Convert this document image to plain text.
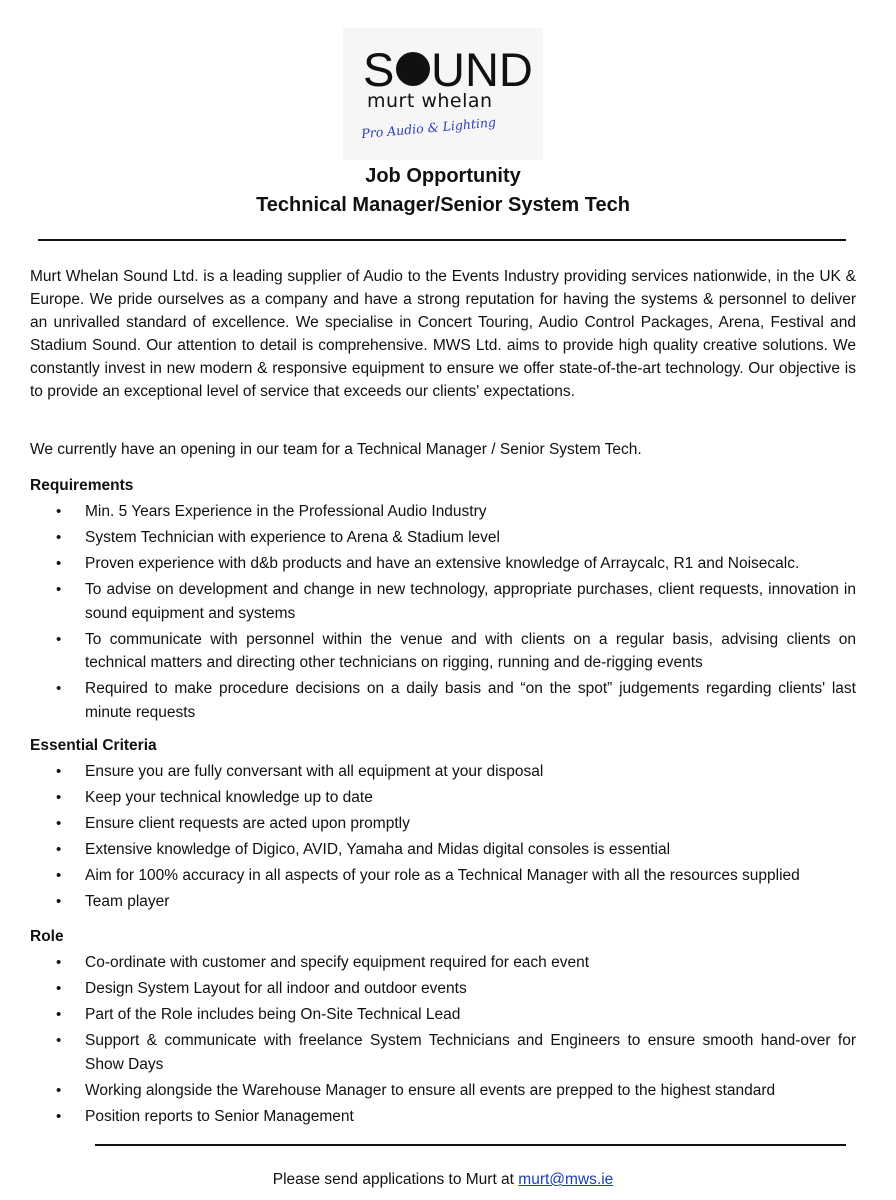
S UND
murt whelan
Pro Audio & Lighting
Job Opportunity
Technical Manager/Senior System Tech

Murt Whelan Sound Ltd. is a leading supplier of Audio to the Events Industry providing services nationwide, in the UK & Europe. We pride ourselves as a company and have a strong reputation for having the systems & personnel to deliver an unrivalled standard of excellence. We specialise in Concert Touring, Audio Control Packages, Arena, Festival and Stadium Sound. Our attention to detail is comprehensive. MWS Ltd. aims to provide high quality creative solutions. We constantly invest in new modern & responsive equipment to ensure we offer state-of-the-art technology. Our objective is to provide an exceptional level of service that exceeds our clients' expectations.

We currently have an opening in our team for a Technical Manager / Senior System Tech.

Requirements

• Min. 5 Years Experience in the Professional Audio Industry
• System Technician with experience to Arena & Stadium level
• Proven experience with d&b products and have an extensive knowledge of Arraycalc, R1 and Noisecalc.
• To advise on development and change in new technology, appropriate purchases, client requests, innovation in sound equipment and systems
• To communicate with personnel within the venue and with clients on a regular basis, advising clients on technical matters and directing other technicians on rigging, running and de-rigging events
• Required to make procedure decisions on a daily basis and “on the spot” judgements regarding clients' last minute requests

Essential Criteria

• Ensure you are fully conversant with all equipment at your disposal
• Keep your technical knowledge up to date
• Ensure client requests are acted upon promptly
• Extensive knowledge of Digico, AVID, Yamaha and Midas digital consoles is essential
• Aim for 100% accuracy in all aspects of your role as a Technical Manager with all the resources supplied
• Team player

Role

• Co-ordinate with customer and specify equipment required for each event
• Design System Layout for all indoor and outdoor events
• Part of the Role includes being On-Site Technical Lead
• Support & communicate with freelance System Technicians and Engineers to ensure smooth hand-over for Show Days
• Working alongside the Warehouse Manager to ensure all events are prepped to the highest standard
• Position reports to Senior Management
Please send applications to Murt at murt@mws.ie
